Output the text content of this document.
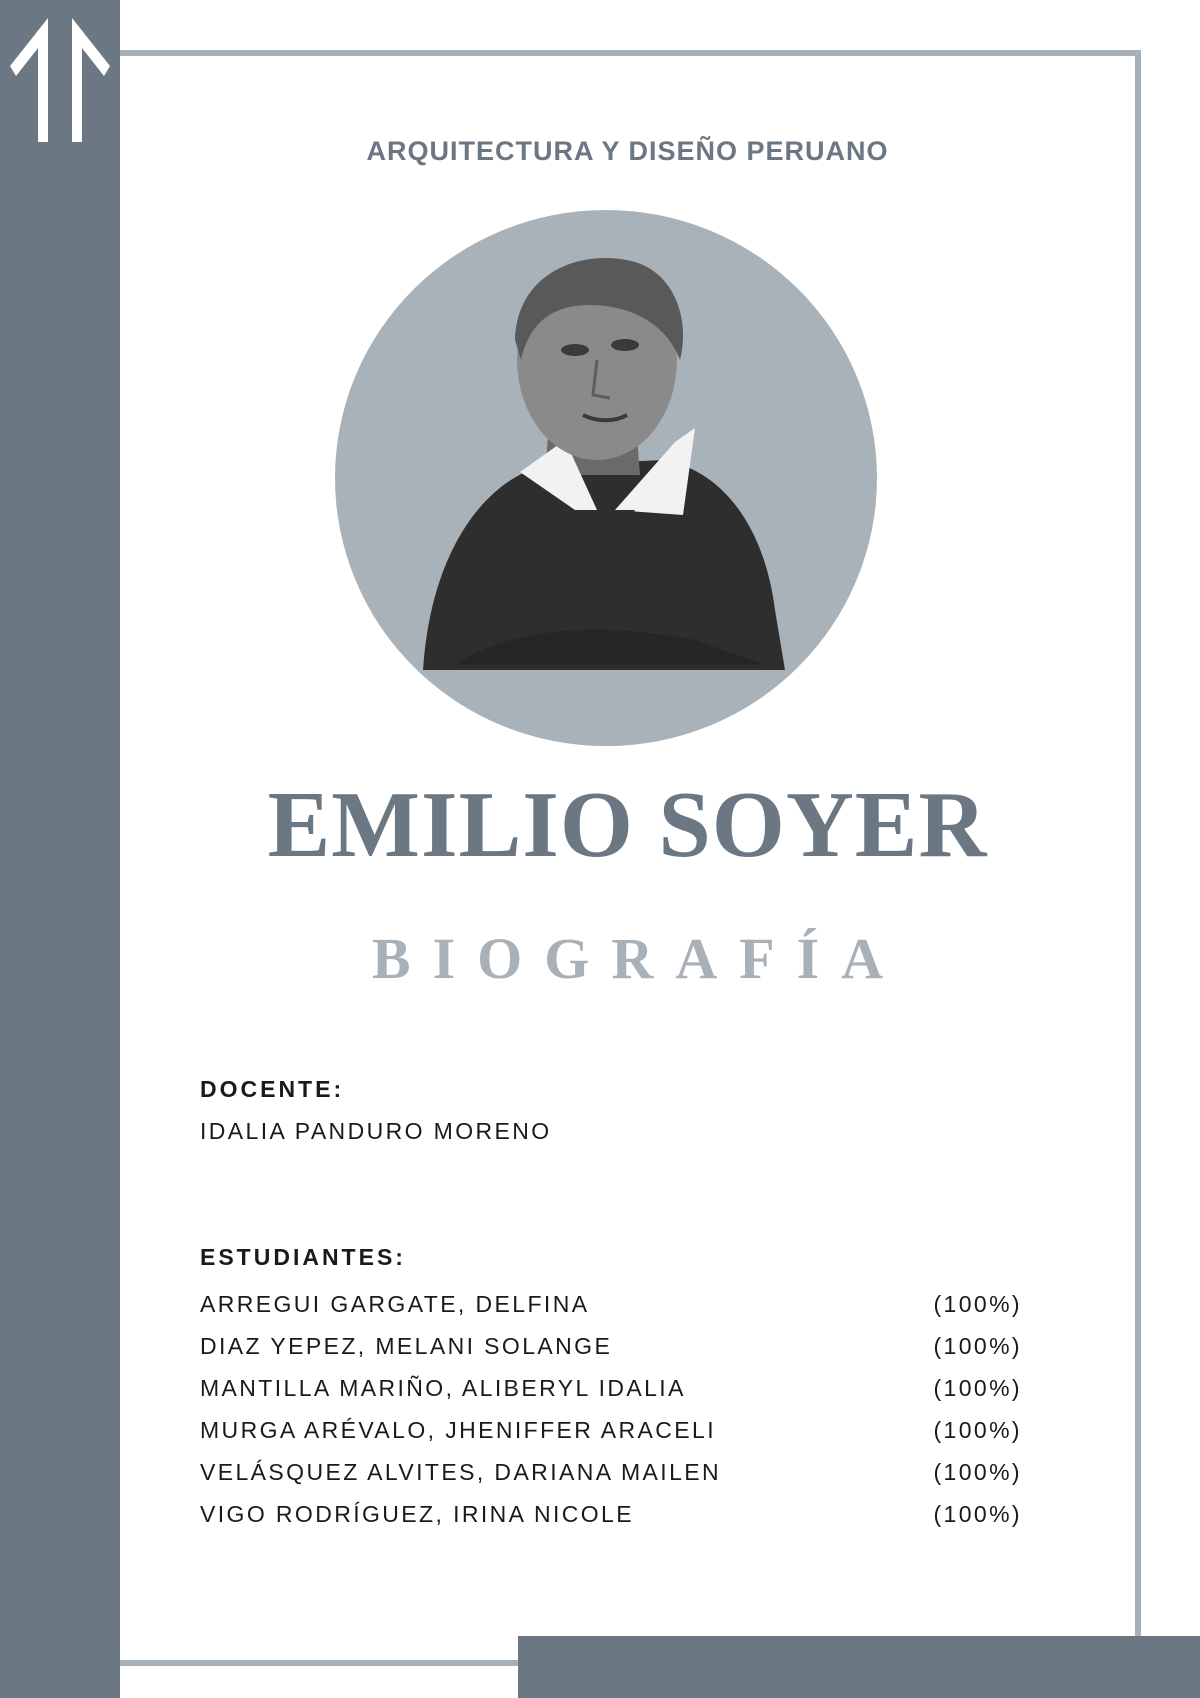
ARQUITECTURA Y DISEÑO PERUANO
EMILIO SOYER
BIOGRAFÍA
DOCENTE:
IDALIA PANDURO MORENO
ESTUDIANTES:
ARREGUI GARGATE, DELFINA	(100%)
DIAZ YEPEZ, MELANI SOLANGE	(100%)
MANTILLA MARIÑO, ALIBERYL IDALIA	(100%)
MURGA ARÉVALO, JHENIFFER ARACELI	(100%)
VELÁSQUEZ ALVITES, DARIANA MAILEN	(100%)
VIGO RODRÍGUEZ, IRINA NICOLE	(100%)
